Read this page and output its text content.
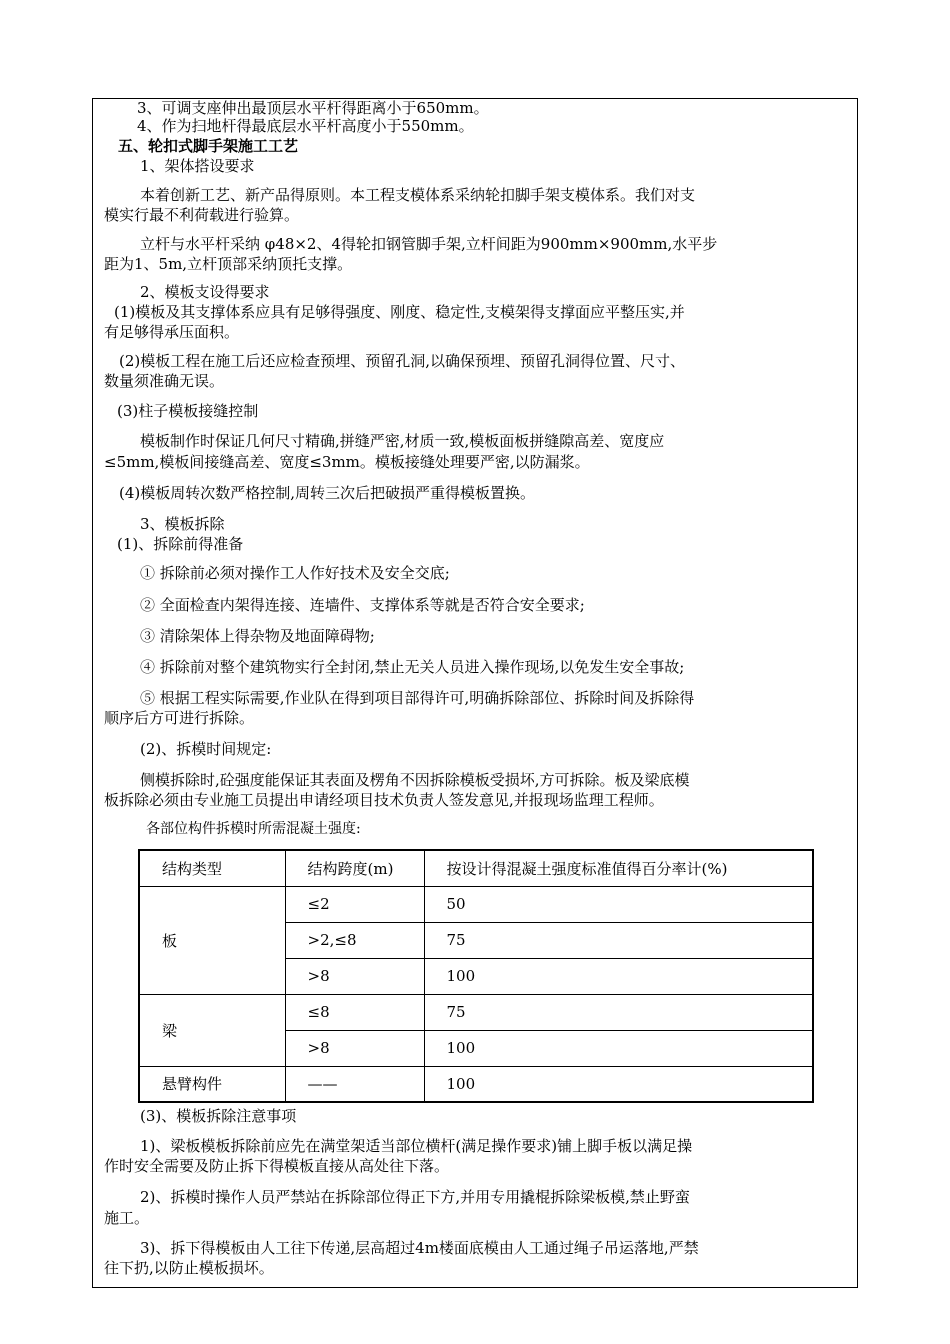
3、可调支座伸出最顶层水平杆得距离小于650mm。
4、作为扫地杆得最底层水平杆高度小于550mm。
五、轮扣式脚手架施工工艺
1、架体搭设要求
本着创新工艺、新产品得原则。本工程支模体系采纳轮扣脚手架支模体系。我们对支
模实行最不利荷载进行验算。
立杆与水平杆采纳 φ48×2、4得轮扣钢管脚手架,立杆间距为900mm×900mm,水平步
距为1、5m,立杆顶部采纳顶托支撑。
2、模板支设得要求
(1)模板及其支撑体系应具有足够得强度、刚度、稳定性,支模架得支撑面应平整压实,并
有足够得承压面积。
(2)模板工程在施工后还应检查预埋、预留孔洞,以确保预埋、预留孔洞得位置、尺寸、
数量须准确无误。
(3)柱子模板接缝控制
模板制作时保证几何尺寸精确,拼缝严密,材质一致,模板面板拼缝隙高差、宽度应
≤5mm,模板间接缝高差、宽度≤3mm。模板接缝处理要严密,以防漏浆。
(4)模板周转次数严格控制,周转三次后把破损严重得模板置换。
3、模板拆除
(1)、拆除前得准备
① 拆除前必须对操作工人作好技术及安全交底;
② 全面检查内架得连接、连墙件、支撑体系等就是否符合安全要求;
③ 清除架体上得杂物及地面障碍物;
④ 拆除前对整个建筑物实行全封闭,禁止无关人员进入操作现场,以免发生安全事故;
⑤ 根据工程实际需要,作业队在得到项目部得许可,明确拆除部位、拆除时间及拆除得
顺序后方可进行拆除。
(2)、拆模时间规定:
侧模拆除时,砼强度能保证其表面及楞角不因拆除模板受损坏,方可拆除。板及梁底模
板拆除必须由专业施工员提出申请经项目技术负责人签发意见,并报现场监理工程师。
各部位构件拆模时所需混凝土强度:
结构类型	结构跨度(m)	按设计得混凝土强度标准值得百分率计(%)
板	≤2	50
	>2,≤8	75
	>8	100
梁	≤8	75
	>8	100
悬臂构件	——	100
(3)、模板拆除注意事项
1)、梁板模板拆除前应先在满堂架适当部位横杆(满足操作要求)铺上脚手板以满足操
作时安全需要及防止拆下得模板直接从高处往下落。
2)、拆模时操作人员严禁站在拆除部位得正下方,并用专用撬棍拆除梁板模,禁止野蛮
施工。
3)、拆下得模板由人工往下传递,层高超过4m楼面底模由人工通过绳子吊运落地,严禁
往下扔,以防止模板损坏。
